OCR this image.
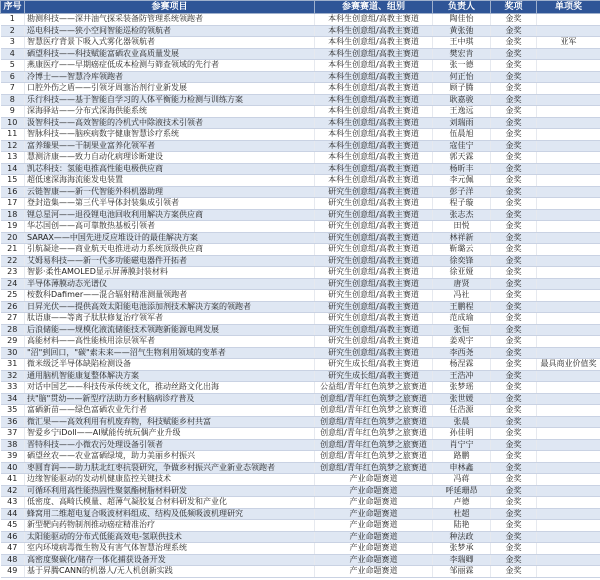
序号	参赛项目	参赛赛道、组别	负责人	奖项	单项奖
1	勘测科技——深井油气探采装备防管理系统领跑者	本科生创意组/高教主赛道	陶佳怡	金奖	
2	巡电科技——狭小空间智能巡检的领航者	本科生创意组/高教主赛道	黄张弛	金奖	
3	智慧医疗背景下吸入式雾化器领航者	本科生创意组/高教主赛道	王中琪	金奖	亚军
4	硒望科技——科技赋能富硒农业高质量发展	本科生创意组/高教主赛道	樊宏肯	金奖	
5	燕康医疗——早期癌症低成本检测与筛查领域的先行者	本科生创意组/高教主赛道	张一德	金奖	
6	冷博士——智慧冷库领跑者	本科生创意组/高教主赛道	何正怡	金奖	
7	口腔外伤之盾——引领牙周塞治剂行业新发展	本科生创意组/高教主赛道	顾子腾	金奖	
8	乐行科技——基于智能自学习的人体平衡能力检测与训练方案	本科生创意组/高教主赛道	耿嘉骏	金奖	
9	深海驿站——分布式深海供能系统	本科生创意组/高教主赛道	王逸远	金奖	
10	汲智科技——高效智能的冷机式中除液技术引领者	本科生创意组/高教主赛道	刘瑞雨	金奖	
11	智脉科技——脑疾病数字健康智慧诊疗系统	本科生创意组/高教主赛道	伍晨旭	金奖	
12	富养臻果——干制果业富养化领军者	本科生创意组/高教主赛道	寇佳宁	金奖	
13	慧测济康——致力自动化病理诊断建设	本科生创意组/高教主赛道	郭天霖	金奖	
14	凯芯科技：氢能电推高性能电极供应商	本科生创意组/高教主赛道	杨昕丰	金奖	
15	超低速深海海流能发电装置	本科生创意组/高教主赛道	李元佩	金奖	
16	云链智康——新一代智能外科机器助理	研究生创意组/高教主赛道	彭子洋	金奖	
17	登封造集——第三代半导体封装集成引领者	研究生创意组/高教主赛道	程子璇	金奖	
18	锂总星河——退役锂电池回收利用解决方案供应商	研究生创意组/高教主赛道	张志杰	金奖	
19	华芯国创——高可靠散热基板引领者	研究生创意组/高教主赛道	田悦	金奖	
20	SARAX——中国先进反应堆设计的最佳解决方案	研究生创意组/高教主赛道	林祥新	金奖	
21	引航凝途——商业航天电推进动力系统顶级供应商	研究生创意组/高教主赛道	靳璐云	金奖	
22	艾姆易科技——新一代多功能磁电器件开拓者	研究生创意组/高教主赛道	徐奕锋	金奖	
23	智影·柔性AMOLED显示屏薄膜封装材料	研究生创意组/高教主赛道	徐亚娅	金奖	
24	半导体薄膜动态光谱仪	研究生创意组/高教主赛道	唐贤	金奖	
25	桉数科Dafimer——混合辐射精准测量领跑者	研究生创意组/高教主赛道	冯社	金奖	
26	日昇光伏——提供高效太阳能电池添加剂技术解决方案的领跑者	研究生创意组/高教主赛道	王鹏程	金奖	
27	肽语康——等离子肽肤修复治疗领军者	研究生创意组/高教主赛道	范成瑜	金奖	
28	后浪储能——规模化液流储能技术领跑新能源电网发展	研究生创意组/高教主赛道	张恒	金奖	
29	高能材料——高性能核用涂层领军者	研究生创意组/高教主赛道	姜观宇	金奖	
30	"沼"到回口，"碳"索未来——沼气生物利用领域的变革者	研究生创意组/高教主赛道	李西尧	金奖	
31	微米级泛半导体缺陷检测设备	研究生成长组/高教主赛道	杨涅霖	金奖	最具商业价值奖
32	通用脑机智能康复整体解决方案	研究生成长组/高教主赛道	王浩冲	金奖	
33	对话中国艺——科技传承传统文化，推动丝路文化出海	公益组/青年红色筑梦之旅赛道	张梦瑶	金奖	
34	扶"脑"贯幼——新型疗法助力乡村脑病诊疗普及	创意组/青年红色筑梦之旅赛道	张世媛	金奖	
35	富硒新苗——绿色富硒农业先行者	创意组/青年红色筑梦之旅赛道	任浩源	金奖	
36	微汇果——高效利用有机废弃物，科技赋能乡村共富	创意组/青年红色筑梦之旅赛道	张晨	金奖	
37	智爱乡宁iDoll——AI赋能传统玩偶产业升级	创意组/青年红色筑梦之旅赛道	孙佳明	金奖	
38	晋特科技——小微农污处理设备引领者	创意组/青年红色筑梦之旅赛道	肖宁宁	金奖	
39	硒望丝农——农业富硒绿境，助力美丽乡村振兴	创意组/青年红色筑梦之旅赛道	路鹏	金奖	
40	枣圆育润——助力肤北红枣抗裂研究，争做乡村振兴产业新业态领跑者	创意组/青年红色筑梦之旅赛道	申林鑫	金奖	
41	边缘智能驱动的发动机健康监控关键技术	产业命题赛道	冯蒋	金奖	
42	可循环利用高性能热固性聚氨酯树脂材料研发	产业命题赛道	呼延珊昂	金奖	
43	低密度、高畸氏模量、超薄气凝胶复合材料研发和产业化	产业命题赛道	卢德	金奖	
44	蜂窝用二维超电复合吸波材料组成、结构及低频吸波机理研究	产业命题赛道	杜超	金奖	
45	新型靶向药物制剂推动癌症精准治疗	产业命题赛道	陆艳	金奖	
46	太阳能驱动的分布式低能高效电-氢联供技术	产业命题赛道	种法政	金奖	
47	室内环境病毒微生物及有害气体智慧治理系统	产业命题赛道	张梦承	金奖	
48	高密度聚碳化/储存一体化捕获设备开发	产业命题赛道	李瑞卿	金奖	
49	基于昇腾CANN的机器人/无人机创新实践	产业命题赛道	邹丽霖	金奖	
